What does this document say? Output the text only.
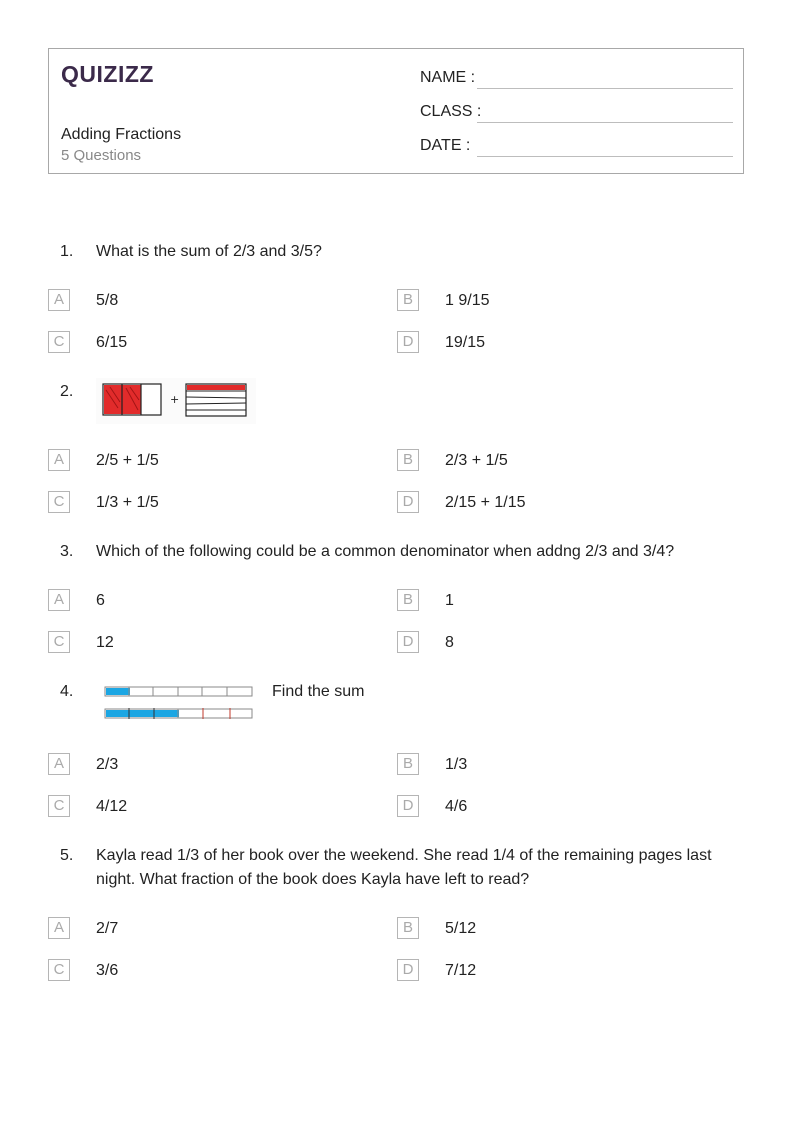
QUIZIZZ
Adding Fractions
5 Questions
NAME :
CLASS :
DATE :
1. What is the sum of 2/3 and 3/5?
A	5/8	B	1 9/15
C	6/15	D	19/15
2.	+
A	2/5 + 1/5	B	2/3 + 1/5
C	1/3 + 1/5	D	2/15 + 1/15
3. Which of the following could be a common denominator when addng 2/3 and 3/4?
A	6	B	1
C	12	D	8
4.	Find the sum
A	2/3	B	1/3
C	4/12	D	4/6
5. Kayla read 1/3 of her book over the weekend. She read 1/4 of the remaining pages last
night. What fraction of the book does Kayla have left to read?
A	2/7	B	5/12
C	3/6	D	7/12
